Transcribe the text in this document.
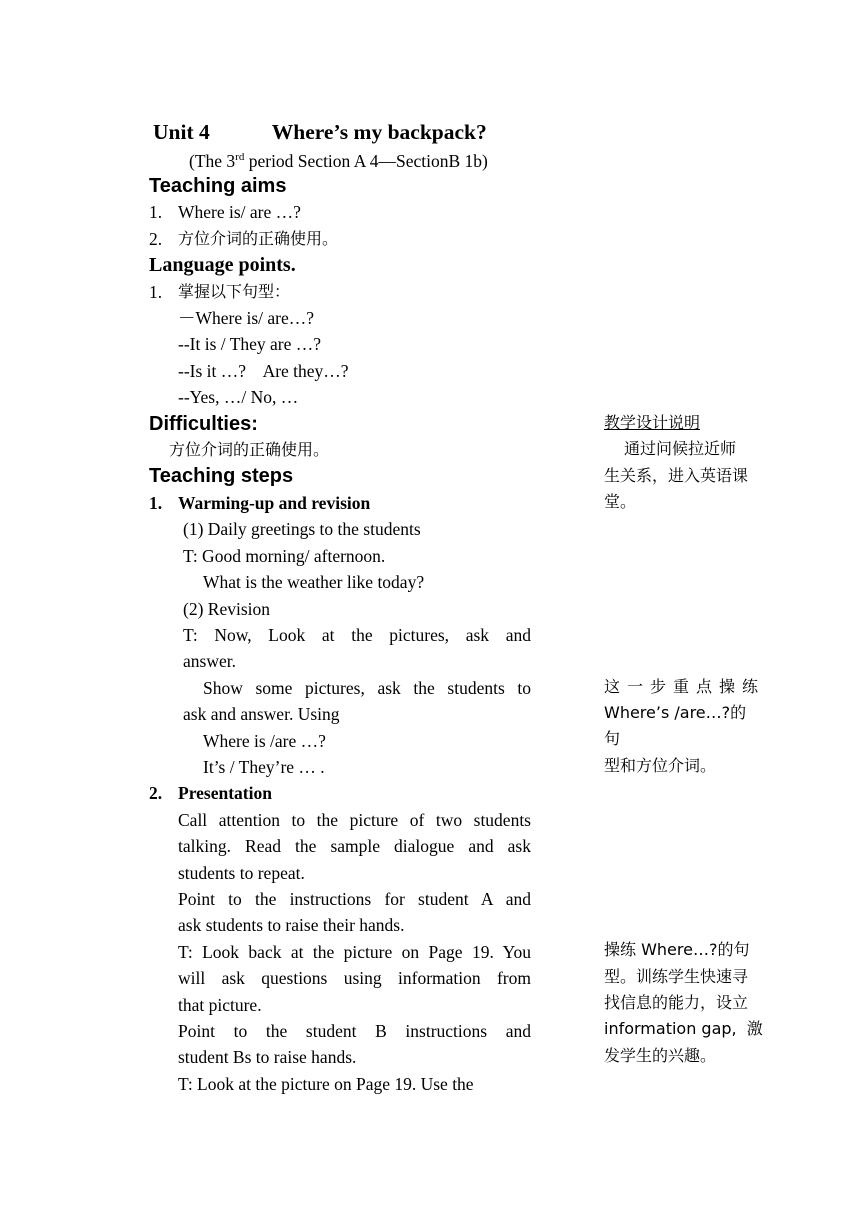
Unit 4	Where’s my backpack?
(The 3rd period Section A 4—SectionB 1b)
Teaching aims
1. Where is/ are …?
2. 方位介词的正确使用。
Language points.
1. 掌握以下句型：
－Where is/ are…?
--It is / They are …?
--Is it …?    Are they…?
--Yes, …/ No, …
Difficulties:
方位介词的正确使用。
Teaching steps
1. Warming-up and revision
(1) Daily greetings to the students
T: Good morning/ afternoon.
What is the weather like today?
(2) Revision
T: Now, Look at the pictures, ask and
answer.
Show some pictures, ask the students to
ask and answer. Using
Where is /are …?
It’s / They’re … .
2. Presentation
Call attention to the picture of two students
talking. Read the sample dialogue and ask
students to repeat.
Point to the instructions for student A and
ask students to raise their hands.
T: Look back at the picture on Page 19. You
will ask questions using information from
that picture.
Point to the student B instructions and
student Bs to raise hands.
T: Look at the picture on Page 19. Use the
教学设计说明
通过问候拉近师
生关系，进入英语课
堂。
这 一 步 重 点 操 练
Where’s /are…?的句
型和方位介词。
操练 Where…?的句
型。训练学生快速寻
找信息的能力，设立
information gap,  激
发学生的兴趣。
